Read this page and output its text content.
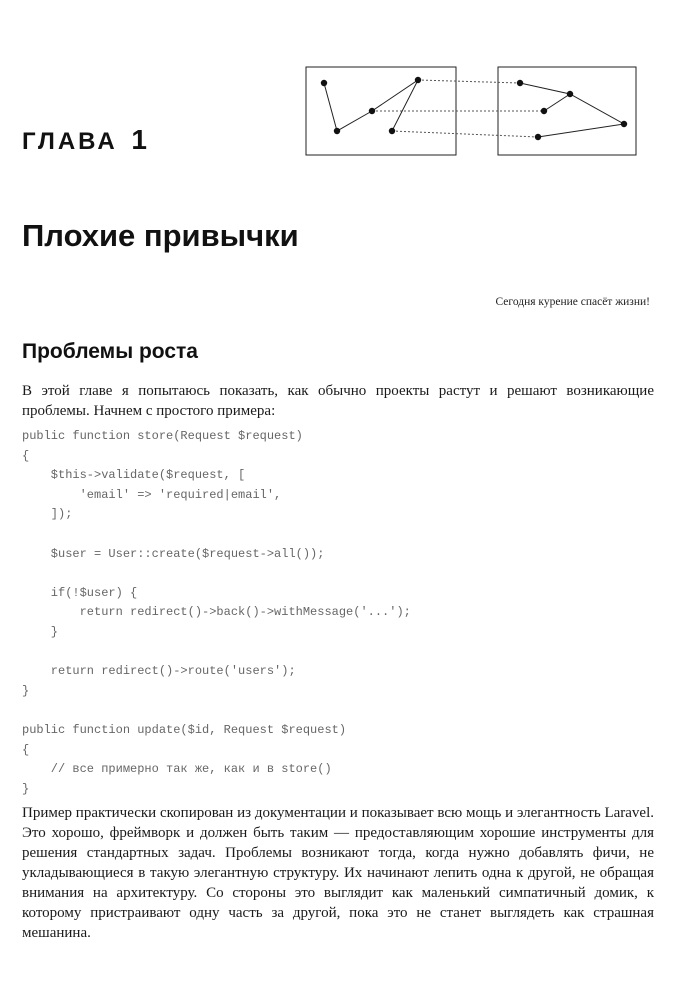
ГЛАВА 1
Плохие привычки
Сегодня курение спасёт жизни!
Проблемы роста

В этой главе я попытаюсь показать, как обычно проекты растут и решают возникающие проблемы. Начнем с простого примера:

public function store(Request $request)
{
$this->validate($request, [
'email' => 'required|email',
]);
$user = User::create($request->all());
if(!$user) {
return redirect()->back()->withMessage('...');
}
return redirect()->route('users');
}
public function update($id, Request $request)
{
// все примерно так же, как и в store()
}

Пример практически скопирован из документации и показывает всю мощь и элегантность Laravel. Это хорошо, фреймворк и должен быть таким — предоставляющим хорошие инструменты для решения стандартных задач. Проблемы возникают тогда, когда нужно добавлять фичи, не укладывающиеся в такую элегантную структуру. Их начинают лепить одна к другой, не обращая внимания на архитектуру. Со стороны это выглядит как маленький симпатичный домик, к которому пристраивают одну часть за другой, пока это не станет выглядеть как страшная мешанина.
